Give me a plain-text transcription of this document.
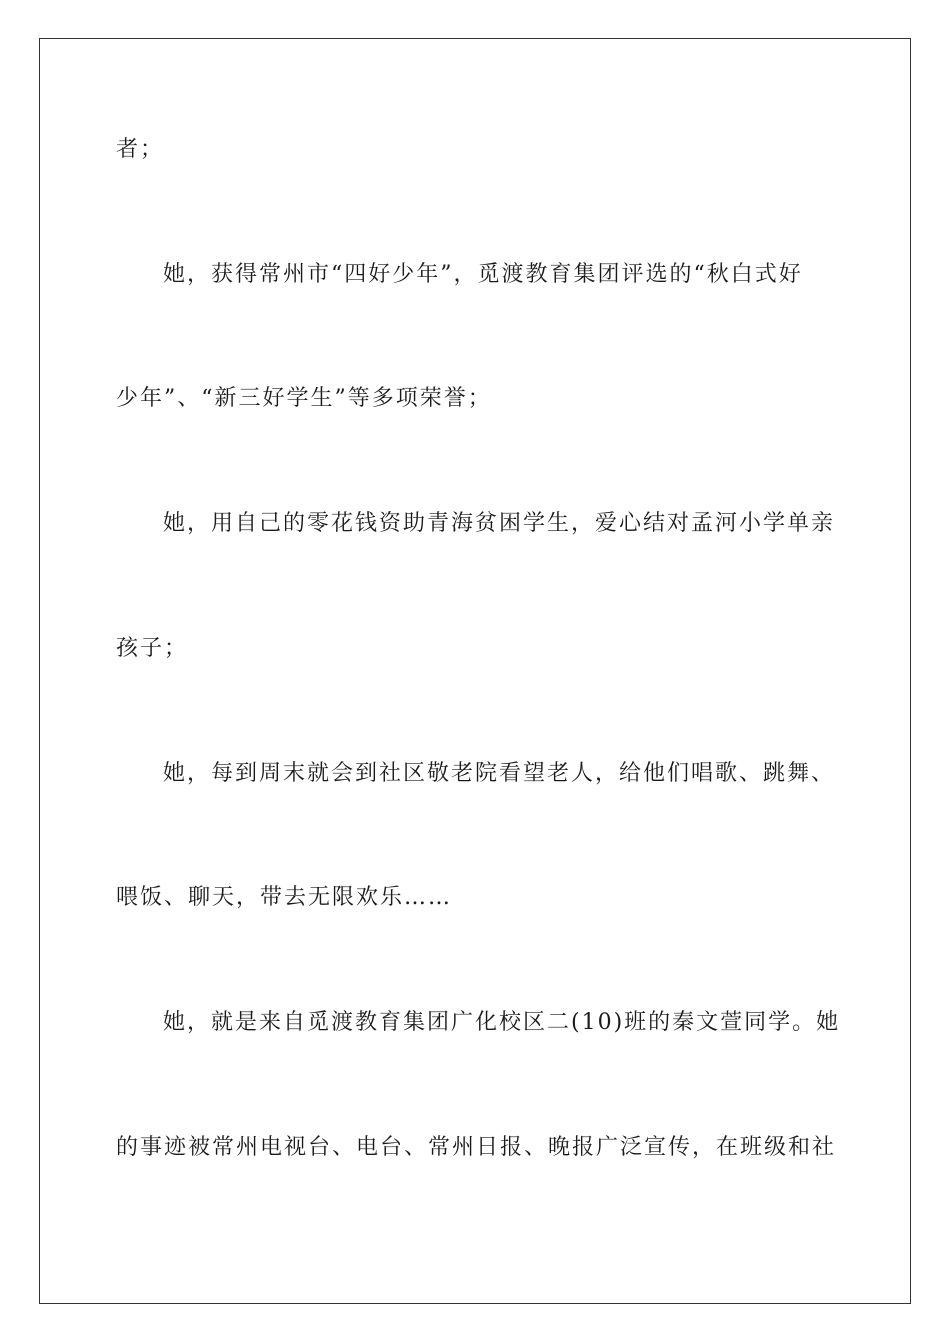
者；
她，获得常州市“四好少年”，觅渡教育集团评选的“秋白式好
少年”、“新三好学生”等多项荣誉；
她，用自己的零花钱资助青海贫困学生，爱心结对孟河小学单亲
孩子；
她，每到周末就会到社区敬老院看望老人，给他们唱歌、跳舞、
喂饭、聊天，带去无限欢乐……
她，就是来自觅渡教育集团广化校区二(10)班的秦文萱同学。她
的事迹被常州电视台、电台、常州日报、晚报广泛宣传，在班级和社
